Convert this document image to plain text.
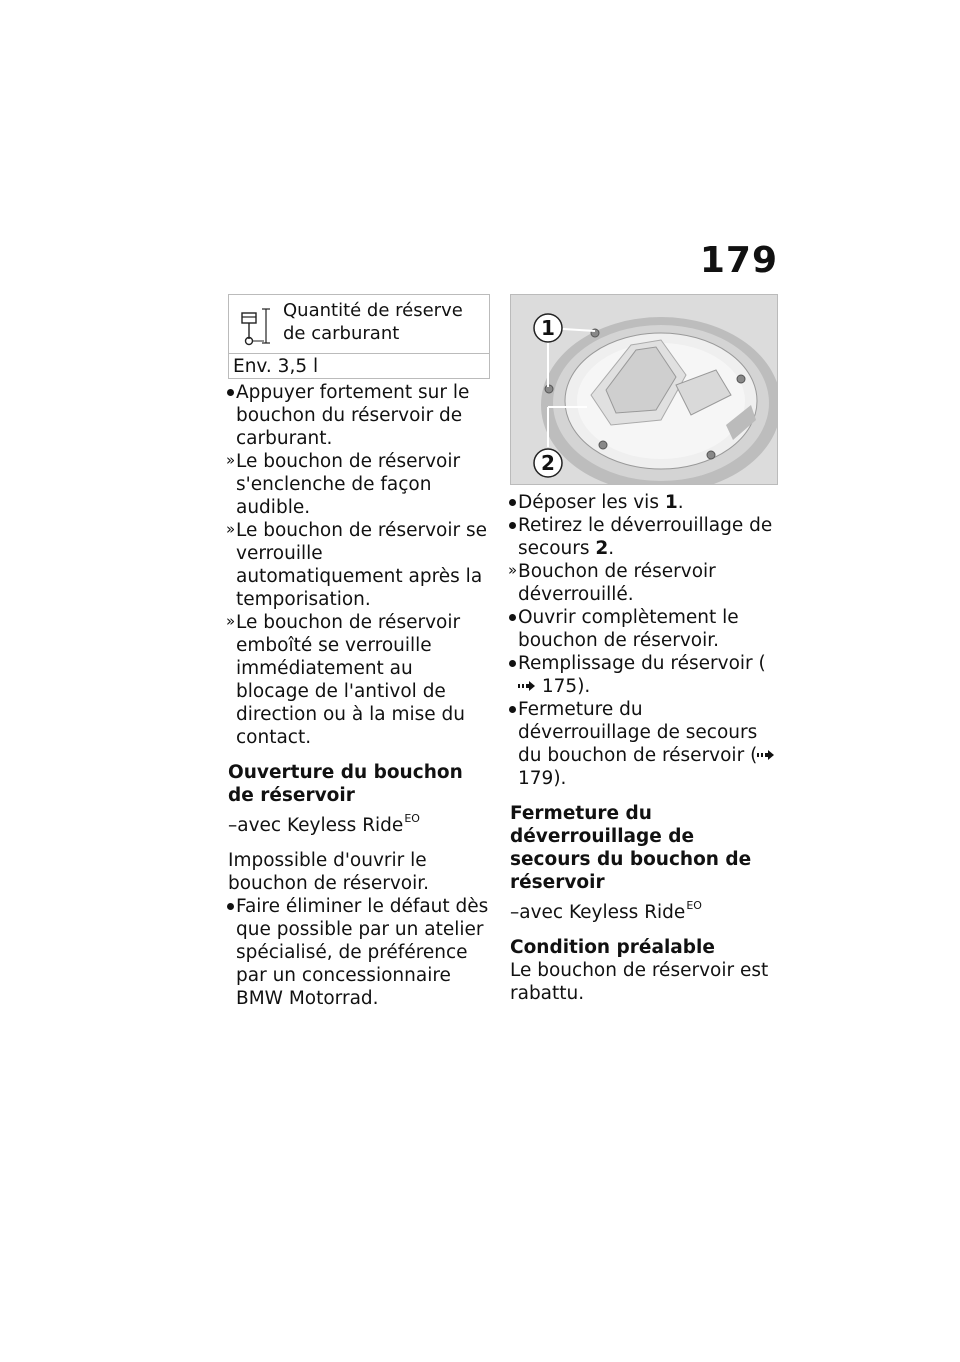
179
Quantité de réserve de carburant
Env. 3,5 l
Appuyer fortement sur le bouchon du réservoir de carburant.
» Le bouchon de réservoir s'enclenche de façon audible.
» Le bouchon de réservoir se verrouille automatiquement après la temporisation.
» Le bouchon de réservoir emboîté se verrouille immédiatement au blocage de l'antivol de direction ou à la mise du contact.
Ouverture du bouchon de réservoir
–avec Keyless Ride$^{EO}$
Impossible d'ouvrir le bouchon de réservoir.
Faire éliminer le défaut dès que possible par un atelier spécialisé, de préférence par un concessionnaire BMW Motorrad.
1
2
Déposer les vis 1.
Retirez le déverrouillage de secours 2.
» Bouchon de réservoir déverrouillé.
Ouvrir complètement le bouchon de réservoir.
Remplissage du réservoir ( 175).
Fermeture du déverrouillage de secours du bouchon de réservoir ( 179).
Fermeture du déverrouillage de secours du bouchon de réservoir
–avec Keyless Ride$^{EO}$
Condition préalable
Le bouchon de réservoir est rabattu.
